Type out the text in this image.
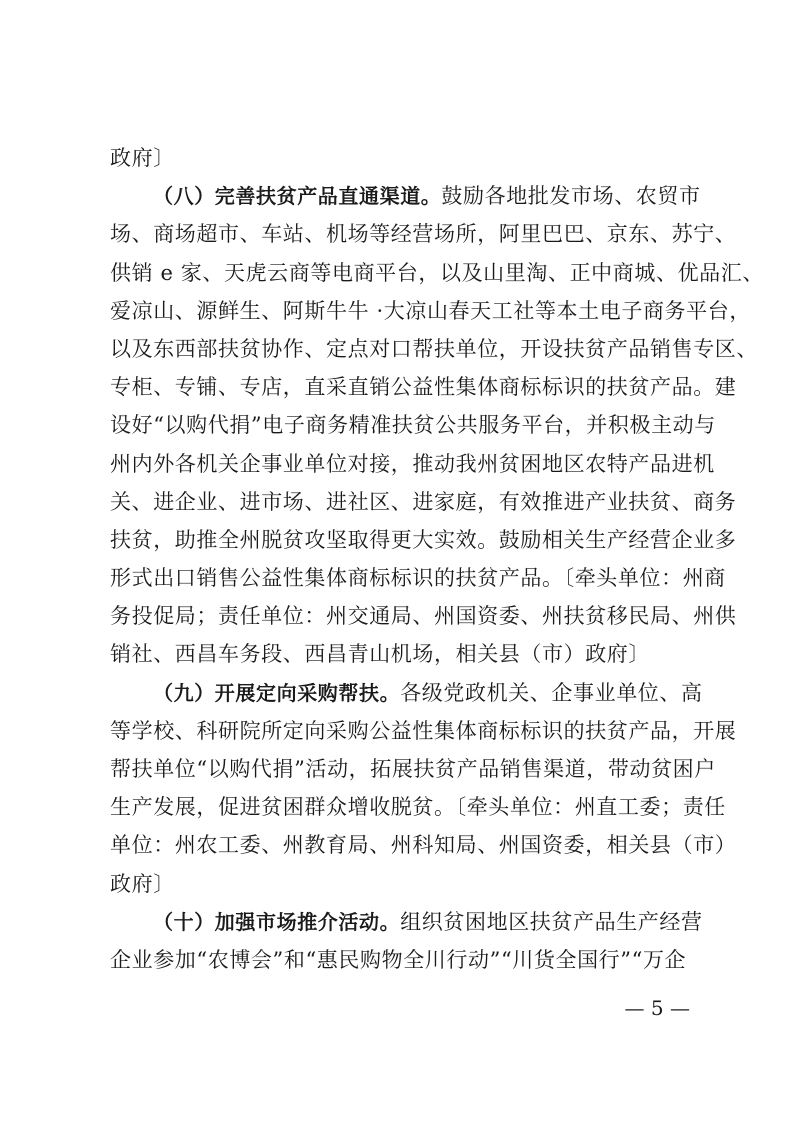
政府〕
（八）完善扶贫产品直通渠道。鼓励各地批发市场、农贸市
场、商场超市、车站、机场等经营场所，阿里巴巴、京东、苏宁、
供销 e 家、天虎云商等电商平台，以及山里淘、正中商城、优品汇、
爱凉山、源鲜生、阿斯牛牛 ·大凉山春天工社等本土电子商务平台，
以及东西部扶贫协作、定点对口帮扶单位，开设扶贫产品销售专区、
专柜、专铺、专店，直采直销公益性集体商标标识的扶贫产品。建
设好“以购代捐”电子商务精准扶贫公共服务平台，并积极主动与
州内外各机关企事业单位对接，推动我州贫困地区农特产品进机
关、进企业、进市场、进社区、进家庭，有效推进产业扶贫、商务
扶贫，助推全州脱贫攻坚取得更大实效。鼓励相关生产经营企业多
形式出口销售公益性集体商标标识的扶贫产品。〔牵头单位：州商
务投促局；责任单位：州交通局、州国资委、州扶贫移民局、州供
销社、西昌车务段、西昌青山机场，相关县（市）政府〕
（九）开展定向采购帮扶。各级党政机关、企事业单位、高
等学校、科研院所定向采购公益性集体商标标识的扶贫产品，开展
帮扶单位“以购代捐”活动，拓展扶贫产品销售渠道，带动贫困户
生产发展，促进贫困群众增收脱贫。〔牵头单位：州直工委；责任
单位：州农工委、州教育局、州科知局、州国资委，相关县（市）
政府〕
（十）加强市场推介活动。组织贫困地区扶贫产品生产经营
企业参加“农博会”和“惠民购物全川行动”“川货全国行”“万企
— 5 —
